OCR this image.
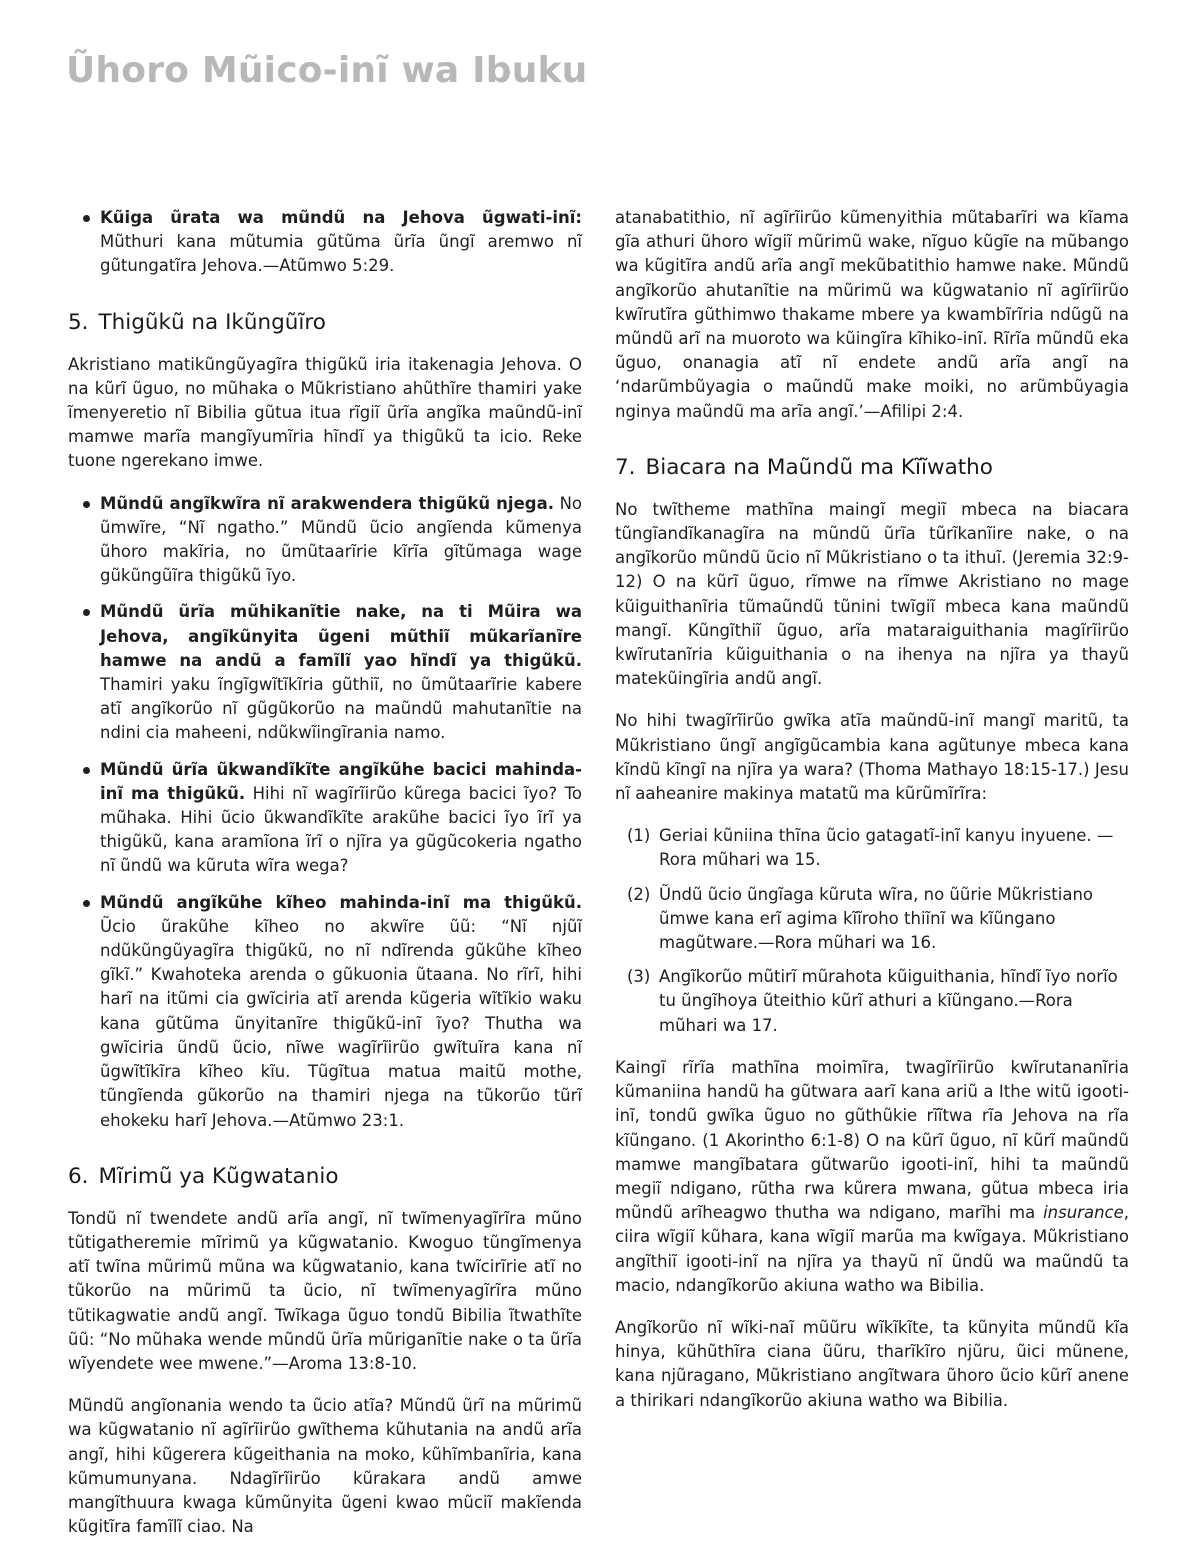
Ũhoro Mũico-inĩ wa Ibuku
Kũiga ũrata wa mũndũ na Jehova ũgwati-inĩ: Mũthuri kana mũtumia gũtũma ũrĩa ũngĩ aremwo nĩ gũtungatĩra Jehova.—Atũmwo 5:29.
5. Thigũkũ na Ikũngũĩro

Akristiano matikũngũyagĩra thigũkũ iria itakenagia Jehova. O na kũrĩ ũguo, no mũhaka o Mũkristiano ahũthĩre thamiri yake ĩmenyeretio nĩ Bibilia gũtua itua rĩgiĩ ũrĩa angĩka maũndũ-inĩ mamwe marĩa mangĩyumĩria hĩndĩ ya thigũkũ ta icio. Reke tuone ngerekano imwe.

Mũndũ angĩkwĩra nĩ arakwendera thigũkũ njega. No ũmwĩre, “Nĩ ngatho.” Mũndũ ũcio angĩenda kũmenya ũhoro makĩria, no ũmũtaarĩrie kĩrĩa gĩtũmaga wage gũkũngũĩra thigũkũ ĩyo.
Mũndũ ũrĩa mũhikanĩtie nake, na ti Mũira wa Jehova, angĩkũnyita ũgeni mũthiĩ mũkarĩanĩre hamwe na andũ a famĩlĩ yao hĩndĩ ya thigũkũ. Thamiri yaku ĩngĩgwĩtĩkĩria gũthiĩ, no ũmũtaarĩrie kabere atĩ angĩkorũo nĩ gũgũkorũo na maũndũ mahutanĩtie na ndini cia maheeni, ndũkwĩingĩrania namo.
Mũndũ ũrĩa ũkwandĩkĩte angĩkũhe bacici mahinda-inĩ ma thigũkũ. Hihi nĩ wagĩrĩirũo kũrega bacici ĩyo? To mũhaka. Hihi ũcio ũkwandĩkĩte arakũhe bacici ĩyo ĩrĩ ya thigũkũ, kana aramĩona ĩrĩ o njĩra ya gũgũcokeria ngatho nĩ ũndũ wa kũruta wĩra wega?
Mũndũ angĩkũhe kĩheo mahinda-inĩ ma thigũkũ. Ũcio ũrakũhe kĩheo no akwĩre ũũ: “Nĩ njũĩ ndũkũngũyagĩra thigũkũ, no nĩ ndĩrenda gũkũhe kĩheo gĩkĩ.” Kwahoteka arenda o gũkuonia ũtaana. No rĩrĩ, hihi harĩ na itũmi cia gwĩciria atĩ arenda kũgeria wĩtĩkio waku kana gũtũma ũnyitanĩre thigũkũ-inĩ ĩyo? Thutha wa gwĩciria ũndũ ũcio, nĩwe wagĩrĩirũo gwĩtuĩra kana nĩ ũgwĩtĩkĩra kĩheo kĩu. Tũgĩtua matua maitũ mothe, tũngĩenda gũkorũo na thamiri njega na tũkorũo tũrĩ ehokeku harĩ Jehova.—Atũmwo 23:1.
6. Mĩrimũ ya Kũgwatanio

Tondũ nĩ twendete andũ arĩa angĩ, nĩ twĩmenyagĩrĩra mũno tũtigatheremie mĩrimũ ya kũgwatanio. Kwoguo tũngĩmenya atĩ twĩna mũrimũ mũna wa kũgwatanio, kana twĩcirĩrie atĩ no tũkorũo na mũrimũ ta ũcio, nĩ twĩmenyagĩrĩra mũno tũtikagwatie andũ angĩ. Twĩkaga ũguo tondũ Bibilia ĩtwathĩte ũũ: “No mũhaka wende mũndũ ũrĩa mũriganĩtie nake o ta ũrĩa wĩyendete wee mwene.”—Aroma 13:8-10.

Mũndũ angĩonania wendo ta ũcio atĩa? Mũndũ ũrĩ na mũrimũ wa kũgwatanio nĩ agĩrĩirũo gwĩthema kũhutania na andũ arĩa angĩ, hihi kũgerera kũgeithania na moko, kũhĩmbanĩria, kana kũmumunyana. Ndagĩrĩirũo kũrakara andũ amwe mangĩthuura kwaga kũmũnyita ũgeni kwao mũciĩ makĩenda kũgitĩra famĩlĩ ciao. Na

atanabatithio, nĩ agĩrĩirũo kũmenyithia mũtabarĩri wa kĩama gĩa athuri ũhoro wĩgiĩ mũrimũ wake, nĩguo kũgĩe na mũbango wa kũgitĩra andũ arĩa angĩ mekũbatithio hamwe nake. Mũndũ angĩkorũo ahutanĩtie na mũrimũ wa kũgwatanio nĩ agĩrĩirũo kwĩrutĩra gũthimwo thakame mbere ya kwambĩrĩria ndũgũ na mũndũ arĩ na muoroto wa kũingĩra kĩhiko-inĩ. Rĩrĩa mũndũ eka ũguo, onanagia atĩ nĩ endete andũ arĩa angĩ na ‘ndarũmbũyagia o maũndũ make moiki, no arũmbũyagia nginya maũndũ ma arĩa angĩ.’—Afilipi 2:4.

7. Biacara na Maũndũ ma Kĩĩwatho

No twĩtheme mathĩna maingĩ megiĩ mbeca na biacara tũngĩandĩkanagĩra na mũndũ ũrĩa tũrĩkanĩire nake, o na angĩkorũo mũndũ ũcio nĩ Mũkristiano o ta ithuĩ. (Jeremia 32:9-12) O na kũrĩ ũguo, rĩmwe na rĩmwe Akristiano no mage kũiguithanĩria tũmaũndũ tũnini twĩgiĩ mbeca kana maũndũ mangĩ. Kũngĩthiĩ ũguo, arĩa mataraiguithania magĩrĩirũo kwĩrutanĩria kũiguithania o na ihenya na njĩra ya thayũ matekũingĩria andũ angĩ.

No hihi twagĩrĩirũo gwĩka atĩa maũndũ-inĩ mangĩ maritũ, ta Mũkristiano ũngĩ angĩgũcambia kana agũtunye mbeca kana kĩndũ kĩngĩ na njĩra ya wara? (Thoma Mathayo 18:15-17.) Jesu nĩ aaheanire makinya matatũ ma kũrũmĩrĩra:

(1) Geriai kũniina thĩna ũcio gatagatĩ-inĩ kanyu inyuene. —Rora mũhari wa 15.
(2) Ũndũ ũcio ũngĩaga kũruta wĩra, no ũũrie Mũkristiano ũmwe kana erĩ agima kĩĩroho thiĩnĩ wa kĩũngano magũtware.—Rora mũhari wa 16.
(3) Angĩkorũo mũtirĩ mũrahota kũiguithania, hĩndĩ ĩyo norĩo tu ũngĩhoya ũteithio kũrĩ athuri a kĩũngano.—Rora mũhari wa 17.

Kaingĩ rĩrĩa mathĩna moimĩra, twagĩrĩirũo kwĩrutananĩria kũmaniina handũ ha gũtwara aarĩ kana ariũ a Ithe witũ igooti-inĩ, tondũ gwĩka ũguo no gũthũkie rĩĩtwa rĩa Jehova na rĩa kĩũngano. (1 Akorintho 6:1-8) O na kũrĩ ũguo, nĩ kũrĩ maũndũ mamwe mangĩbatara gũtwarũo igooti-inĩ, hihi ta maũndũ megiĩ ndigano, rũtha rwa kũrera mwana, gũtua mbeca iria mũndũ arĩheagwo thutha wa ndigano, marĩhi ma insurance, ciira wĩgiĩ kũhara, kana wĩgiĩ marũa ma kwĩgaya. Mũkristiano angĩthiĩ igooti-inĩ na njĩra ya thayũ nĩ ũndũ wa maũndũ ta macio, ndangĩkorũo akiuna watho wa Bibilia.

Angĩkorũo nĩ wĩki-naĩ mũũru wĩkĩkĩte, ta kũnyita mũndũ kĩa hinya, kũhũthĩra ciana ũũru, tharĩkĩro njũru, ũici mũnene, kana njũragano, Mũkristiano angĩtwara ũhoro ũcio kũrĩ anene a thirikari ndangĩkorũo akiuna watho wa Bibilia.
